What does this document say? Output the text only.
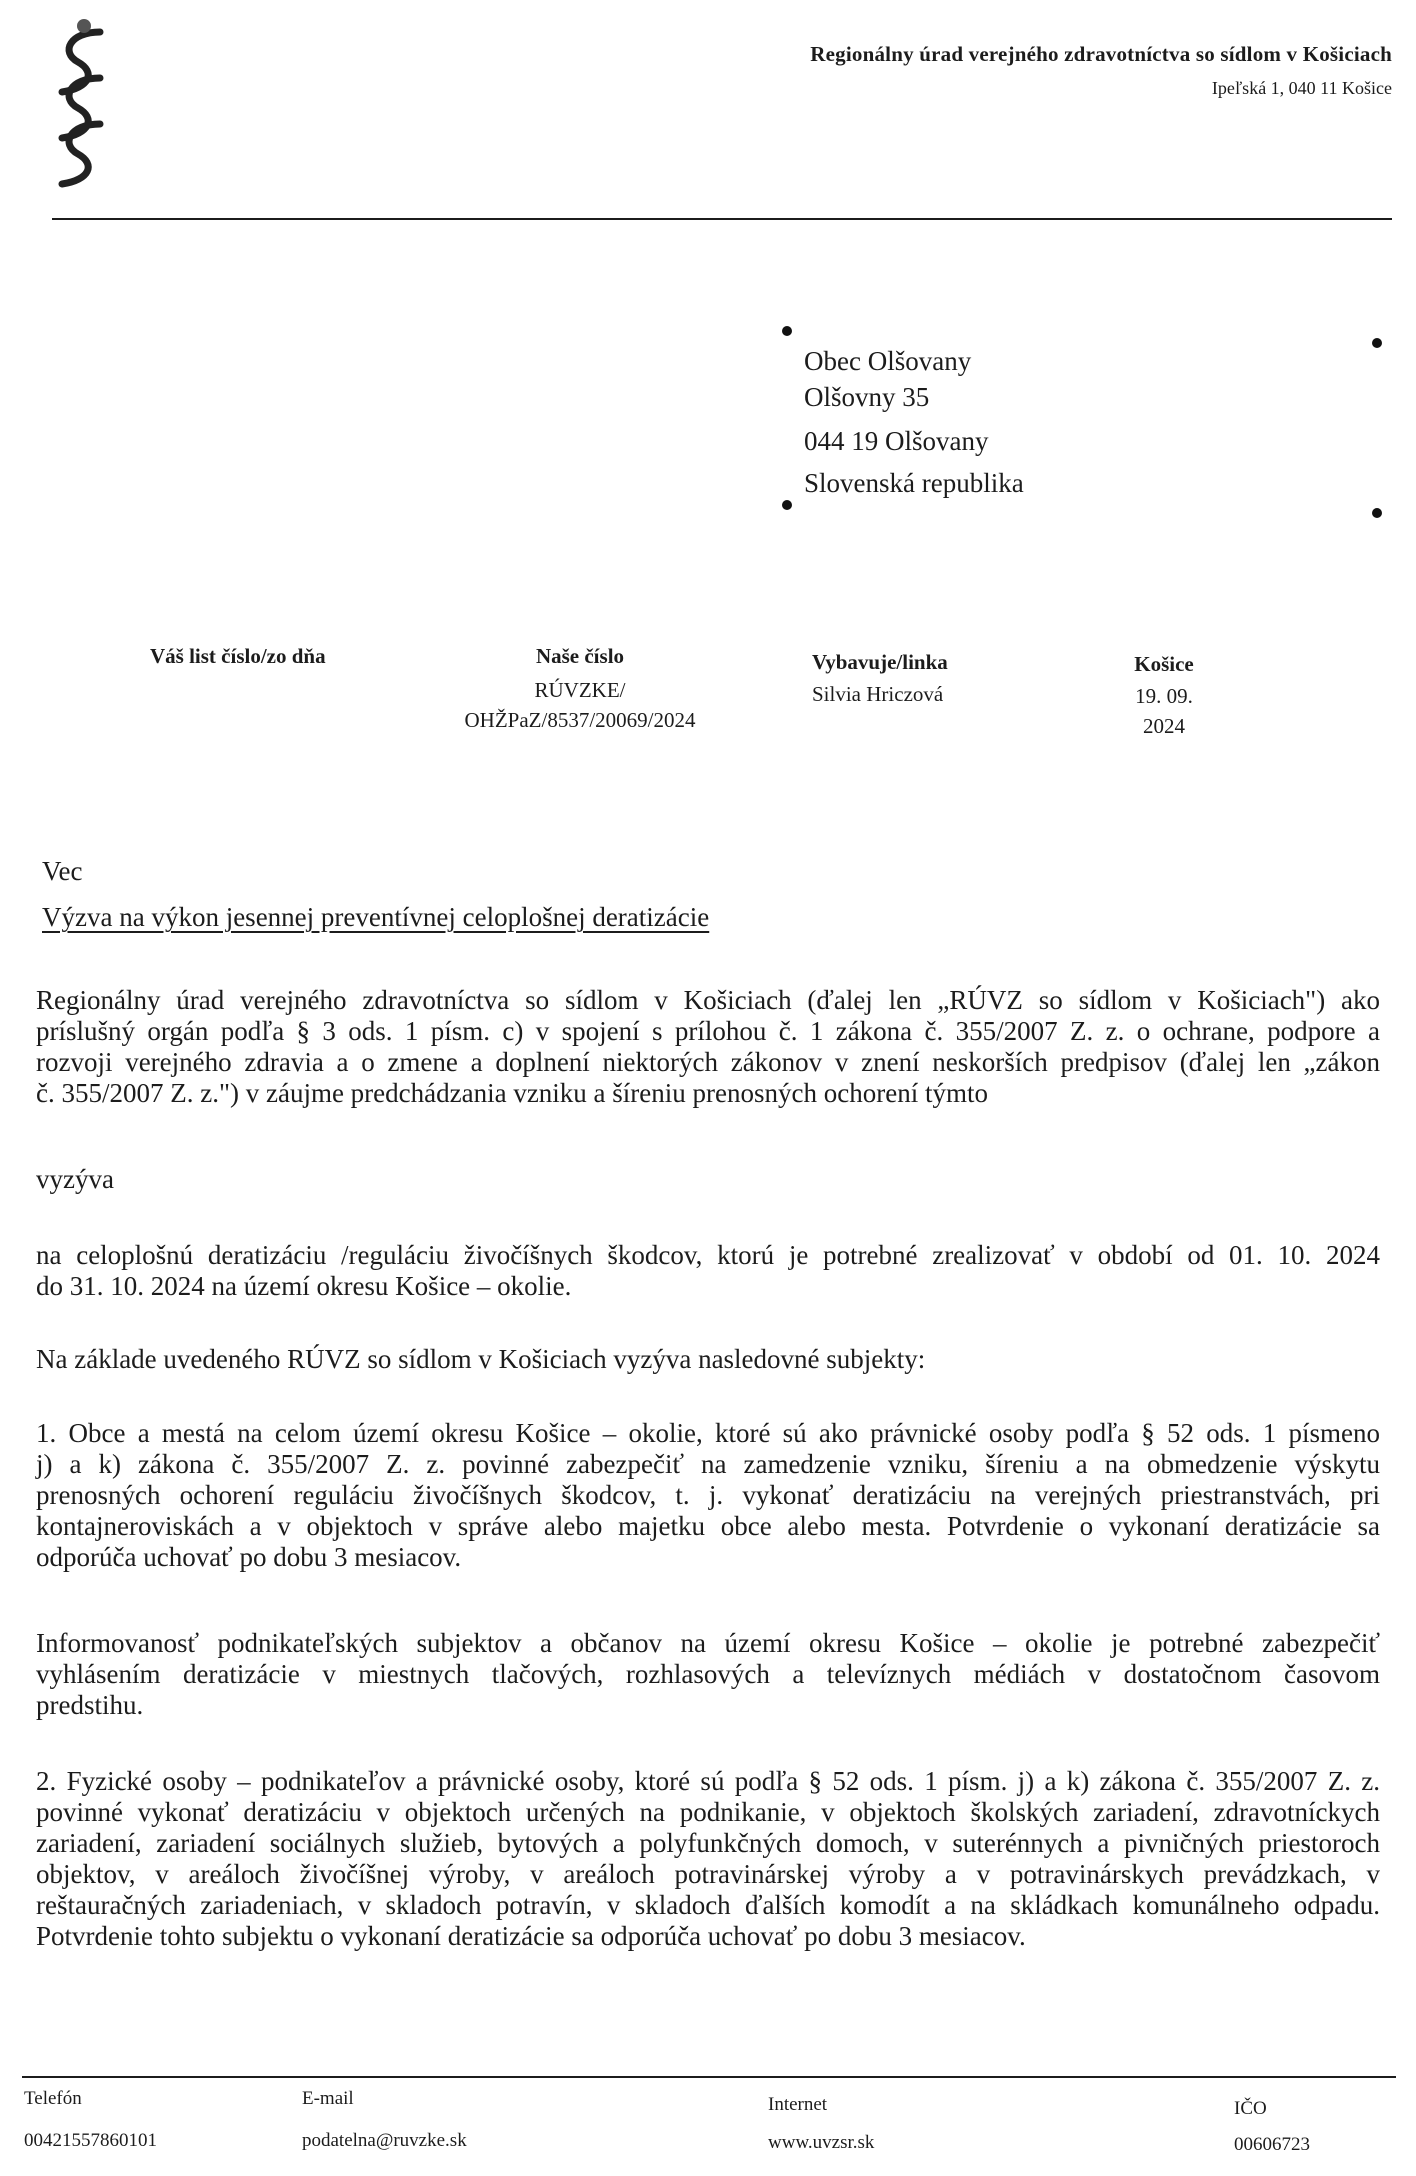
Regionálny úrad verejného zdravotníctva so sídlom v Košiciach
Ipeľská 1, 040 11 Košice
Obec Olšovany
Olšovny 35
044 19 Olšovany
Slovenská republika
Váš list číslo/zo dňa	Naše číslo
RÚVZKE/
OHŽPaZ/8537/20069/2024
Vybavuje/linka
Silvia Hriczová
Košice
19. 09. 2024
Vec
Výzva na výkon jesennej preventívnej celoplošnej deratizácie
Regionálny úrad verejného zdravotníctva so sídlom v Košiciach (ďalej len „RÚVZ so sídlom v Košiciach") ako
príslušný orgán podľa § 3 ods. 1 písm. c) v spojení s prílohou č. 1 zákona č. 355/2007 Z. z. o ochrane, podpore a
rozvoji verejného zdravia a o zmene a doplnení niektorých zákonov v znení neskorších predpisov (ďalej len „zákon
č. 355/2007 Z. z.") v záujme predchádzania vzniku a šíreniu prenosných ochorení týmto
vyzýva
na celoplošnú deratizáciu /reguláciu živočíšnych škodcov, ktorú je potrebné zrealizovať v období od 01. 10. 2024
do 31. 10. 2024 na území okresu Košice – okolie.
Na základe uvedeného RÚVZ so sídlom v Košiciach vyzýva nasledovné subjekty:
1. Obce a mestá na celom území okresu Košice – okolie, ktoré sú ako právnické osoby podľa § 52 ods. 1 písmeno
j) a k) zákona č. 355/2007 Z. z. povinné zabezpečiť na zamedzenie vzniku, šíreniu a na obmedzenie výskytu
prenosných ochorení reguláciu živočíšnych škodcov, t. j. vykonať deratizáciu na verejných priestranstvách, pri
kontajneroviskách a v objektoch v správe alebo majetku obce alebo mesta. Potvrdenie o vykonaní deratizácie sa
odporúča uchovať po dobu 3 mesiacov.
Informovanosť podnikateľských subjektov a občanov na území okresu Košice – okolie je potrebné zabezpečiť
vyhlásením deratizácie v miestnych tlačových, rozhlasových a televíznych médiách v dostatočnom časovom
predstihu.
2. Fyzické osoby – podnikateľov a právnické osoby, ktoré sú podľa § 52 ods. 1 písm. j) a k) zákona č. 355/2007 Z. z.
povinné vykonať deratizáciu v objektoch určených na podnikanie, v objektoch školských zariadení, zdravotníckych
zariadení, zariadení sociálnych služieb, bytových a polyfunkčných domoch, v suterénnych a pivničných priestoroch
objektov, v areáloch živočíšnej výroby, v areáloch potravinárskej výroby a v potravinárskych prevádzkach, v
reštauračných zariadeniach, v skladoch potravín, v skladoch ďalších komodít a na skládkach komunálneho odpadu.
Potvrdenie tohto subjektu o vykonaní deratizácie sa odporúča uchovať po dobu 3 mesiacov.
Telefón
00421557860101
E-mail
podatelna@ruvzke.sk
Internet
www.uvzsr.sk
IČO
00606723
